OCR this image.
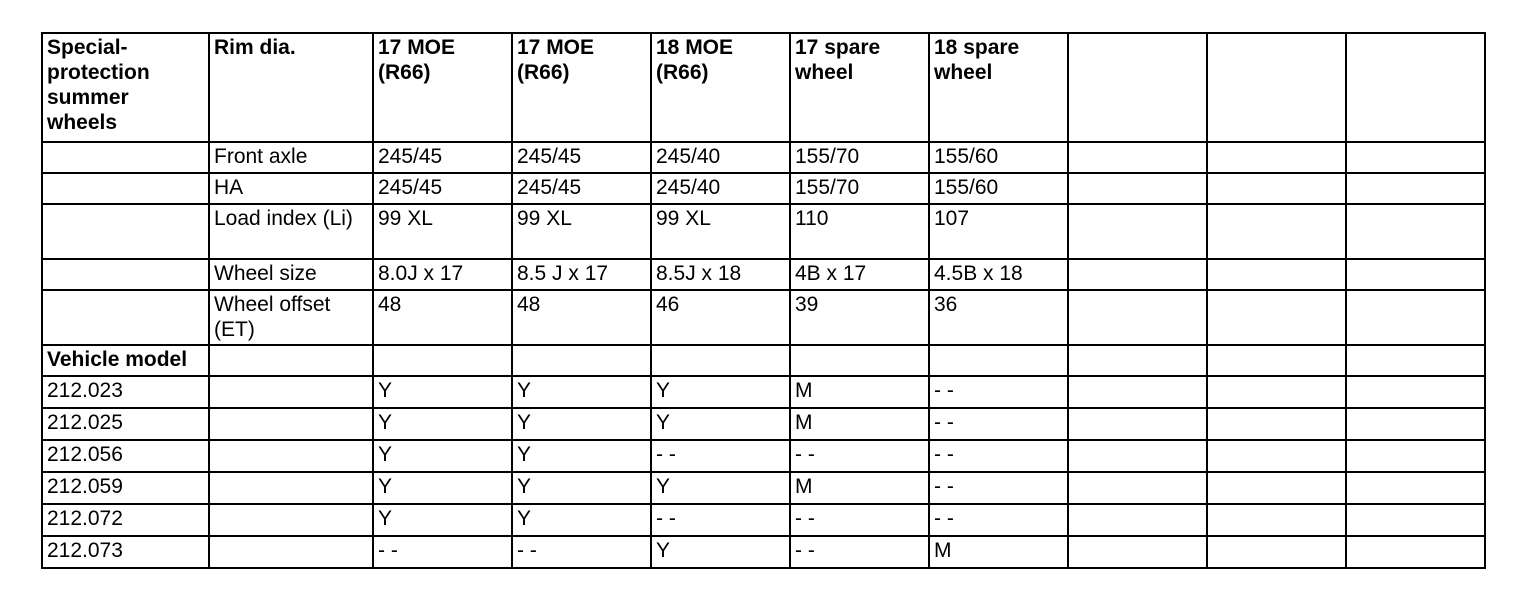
Special-protection summer wheels	Rim dia.	17 MOE (R66)	17 MOE (R66)	18 MOE (R66)	17 spare wheel	18 spare wheel			
	Front axle	245/45	245/45	245/40	155/70	155/60			
	HA	245/45	245/45	245/40	155/70	155/60			
	Load index (Li)	99 XL	99 XL	99 XL	110	107			
	Wheel size	8.0J x 17	8.5 J x 17	8.5J x 18	4B x 17	4.5B x 18			
	Wheel offset (ET)	48	48	46	39	36			
Vehicle model									
212.023		Y	Y	Y	M	- -			
212.025		Y	Y	Y	M	- -			
212.056		Y	Y	- -	- -	- -			
212.059		Y	Y	Y	M	- -			
212.072		Y	Y	- -	- -	- -			
212.073		- -	- -	Y	- -	M			
